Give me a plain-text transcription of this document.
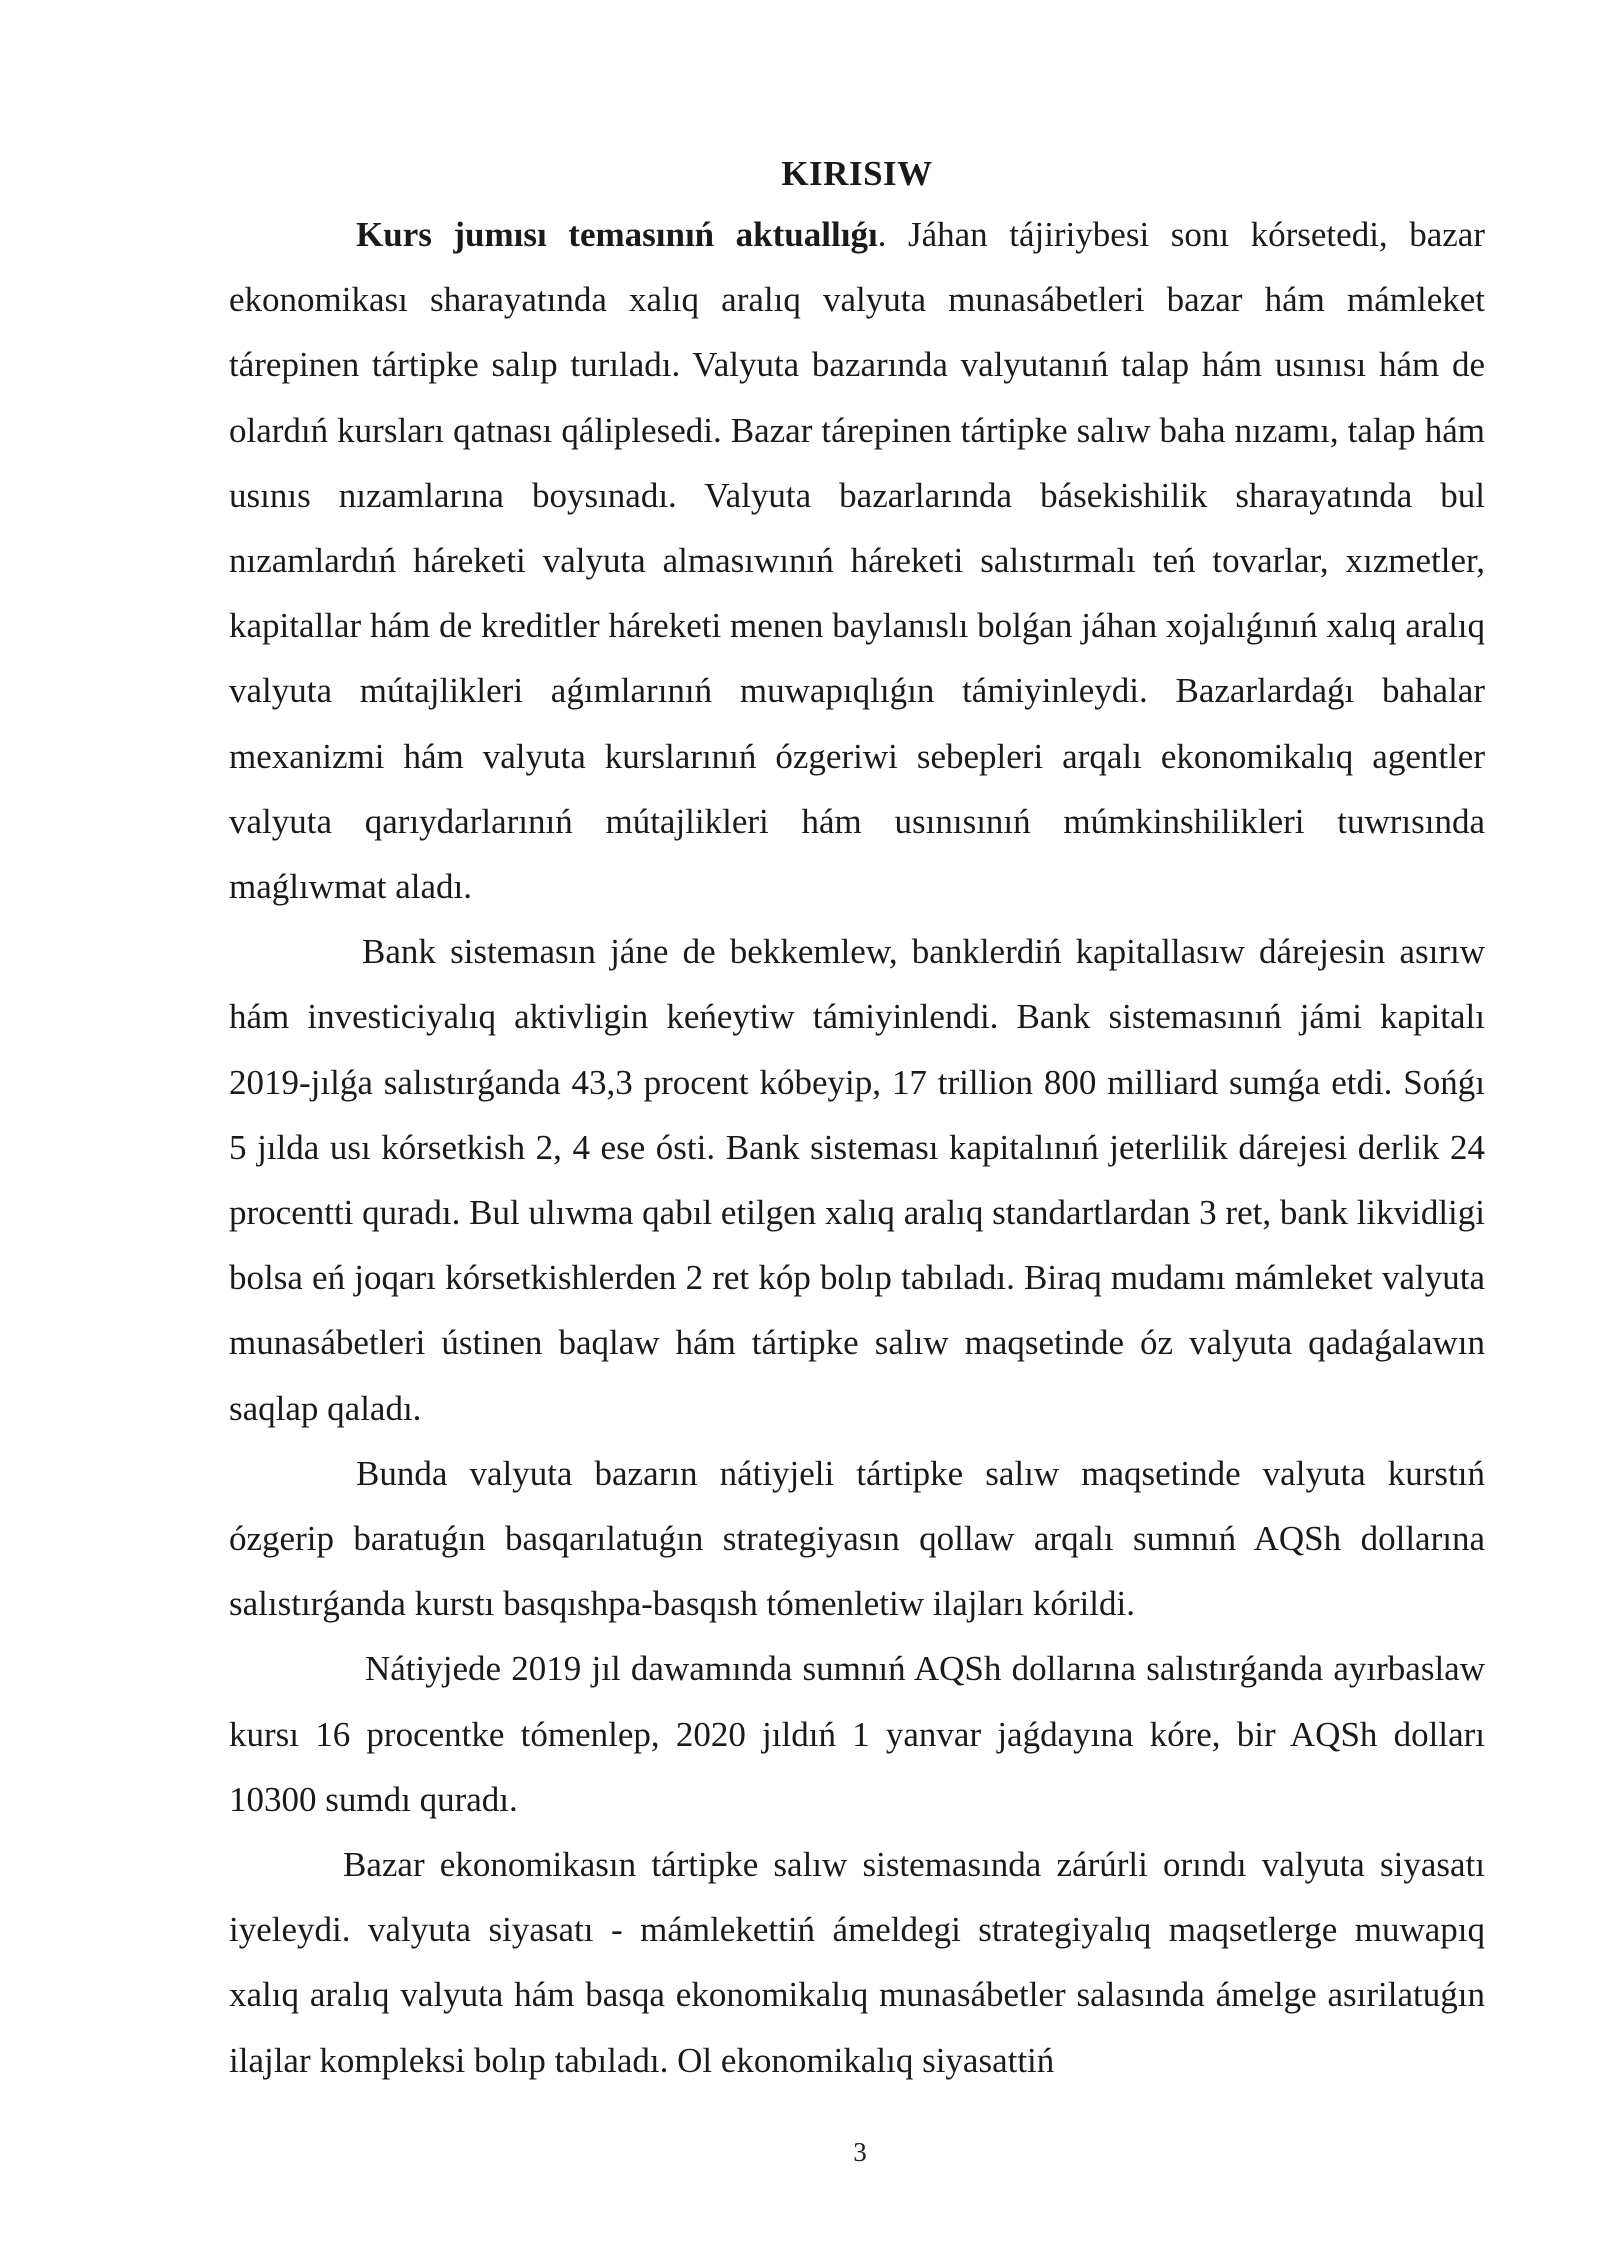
KIRISIW

Kurs jumısı temasınıń aktuallıǵı. Jáhan tájiriybesi sonı kórsetedi, bazar ekonomikası sharayatında xalıq aralıq valyuta munasábetleri bazar hám mámleket tárepinen tártipke salıp turıladı. Valyuta bazarında valyutanıń talap hám usınısı hám de olardıń kursları qatnası qáliplesedi. Bazar tárepinen tártipke salıw baha nızamı, talap hám usınıs nızamlarına boysınadı. Valyuta bazarlarında básekishilik sharayatında bul nızamlardıń háreketi valyuta almasıwınıń háreketi salıstırmalı teń tovarlar, xızmetler, kapitallar hám de kreditler háreketi menen baylanıslı bolǵan jáhan xojalıǵınıń xalıq aralıq valyuta mútajlikleri aǵımlarınıń muwapıqlıǵın támiyinleydi. Bazarlardaǵı bahalar mexanizmi hám valyuta kurslarınıń ózgeriwi sebepleri arqalı ekonomikalıq agentler valyuta qarıydarlarınıń mútajlikleri hám usınısınıń múmkinshilikleri tuwrısında maǵlıwmat aladı.

Bank sistemasın jáne de bekkemlew, banklerdiń kapitallasıw dárejesin asırıw hám investiciyalıq aktivligin keńeytiw támiyinlendi. Bank sistemasınıń jámi kapitalı 2019-jılǵa salıstırǵanda 43,3 procent kóbeyip, 17 trillion 800 milliard sumǵa etdi. Sońǵı 5 jılda usı kórsetkish 2, 4 ese ósti. Bank sisteması kapitalınıń jeterlilik dárejesi derlik 24 procentti quradı. Bul ulıwma qabıl etilgen xalıq aralıq standartlardan 3 ret, bank likvidligi bolsa eń joqarı kórsetkishlerden 2 ret kóp bolıp tabıladı. Biraq mudamı mámleket valyuta munasábetleri ústinen baqlaw hám tártipke salıw maqsetinde óz valyuta qadaǵalawın saqlap qaladı.

Bunda valyuta bazarın nátiyjeli tártipke salıw maqsetinde valyuta kurstıń ózgerip baratuǵın basqarılatuǵın strategiyasın qollaw arqalı sumnıń AQSh dollarına salıstırǵanda kurstı basqıshpa-basqısh tómenletiw ilajları kórildi.

Nátiyjede 2019 jıl dawamında sumnıń AQSh dollarına salıstırǵanda ayırbaslaw kursı 16 procentke tómenlep, 2020 jıldıń 1 yanvar jaǵdayına kóre, bir AQSh dolları 10300 sumdı quradı.

Bazar ekonomikasın tártipke salıw sistemasında zárúrli orındı valyuta siyasatı iyeleydi. valyuta siyasatı - mámlekettiń ámeldegi strategiyalıq maqsetlerge muwapıq xalıq aralıq valyuta hám basqa ekonomikalıq munasábetler salasında ámelge asırilatuǵın ilajlar kompleksi bolıp tabıladı. Ol ekonomikalıq siyasattiń

3
